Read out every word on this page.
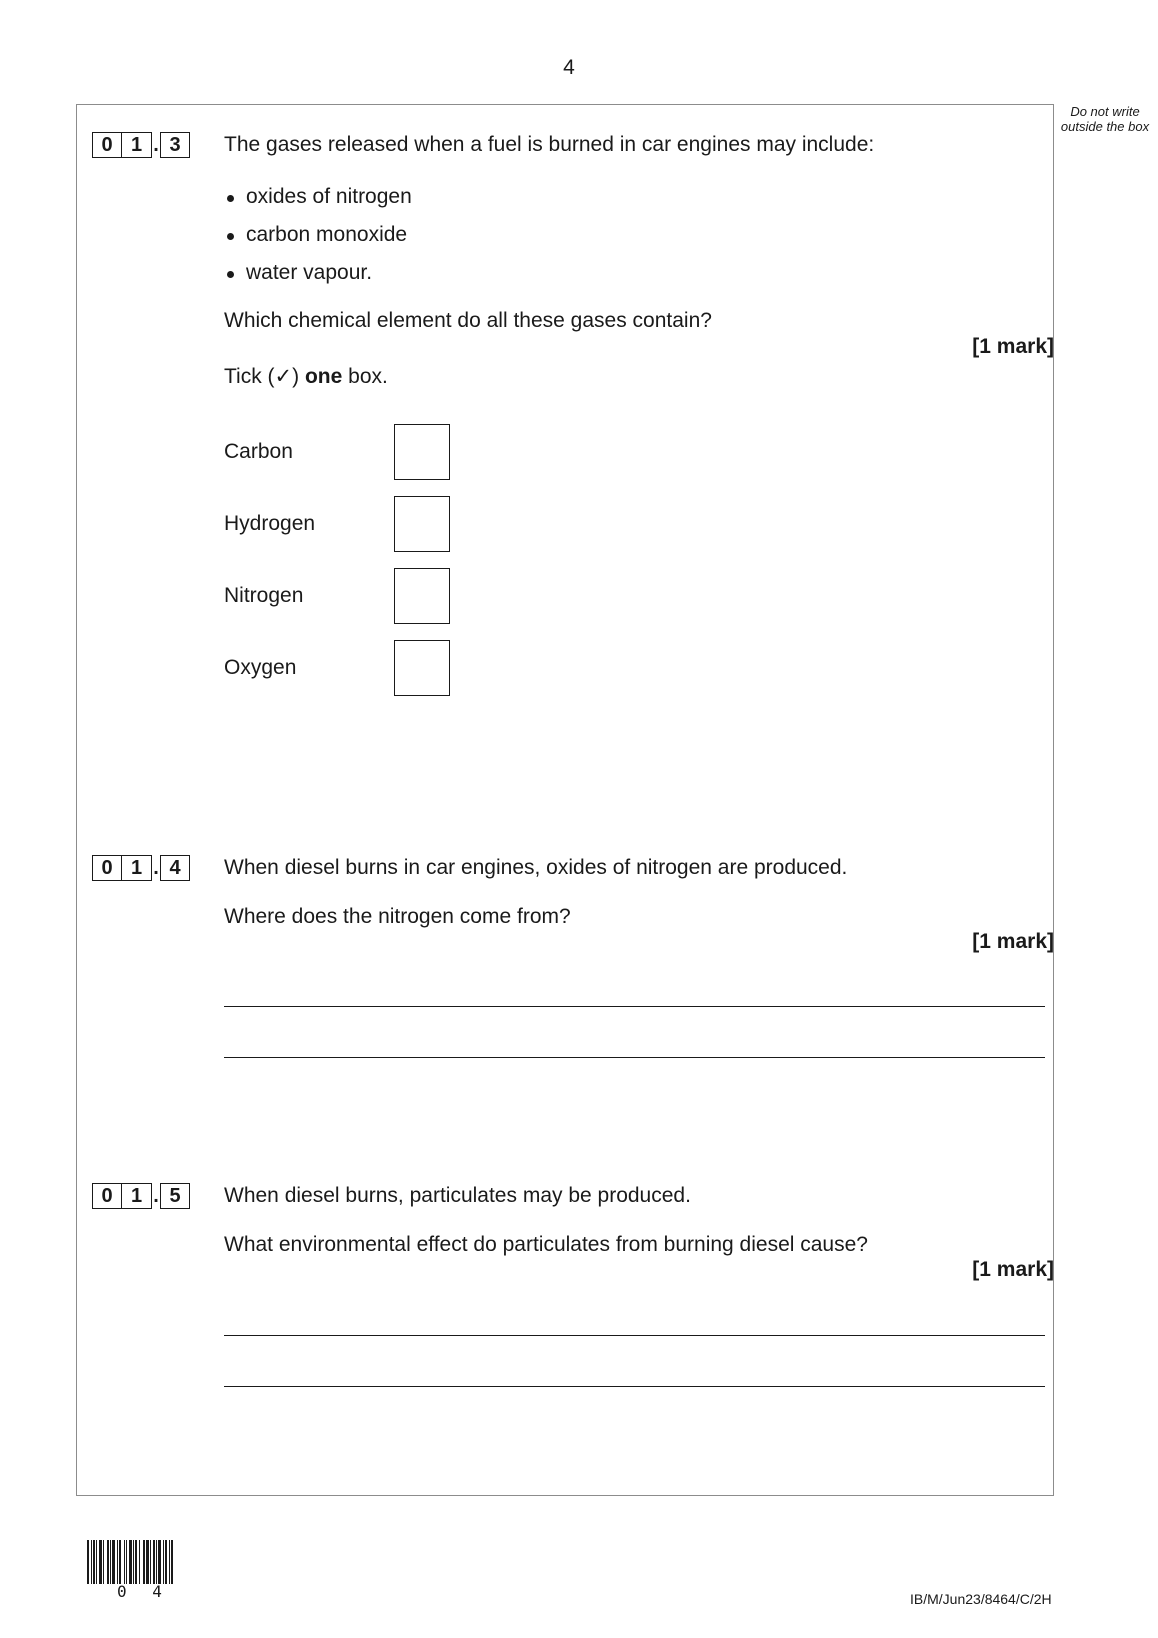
4
Do not write outside the box
0 1 . 3	The gases released when a fuel is burned in car engines may include:
oxides of nitrogen
carbon monoxide
water vapour.
Which chemical element do all these gases contain?
[1 mark]
Tick (✓) one box.
Carbon
Hydrogen
Nitrogen
Oxygen
0 1 . 4	When diesel burns in car engines, oxides of nitrogen are produced.
Where does the nitrogen come from?
[1 mark]
0 1 . 5	When diesel burns, particulates may be produced.
What environmental effect do particulates from burning diesel cause?
[1 mark]
0 4	IB/M/Jun23/8464/C/2H
